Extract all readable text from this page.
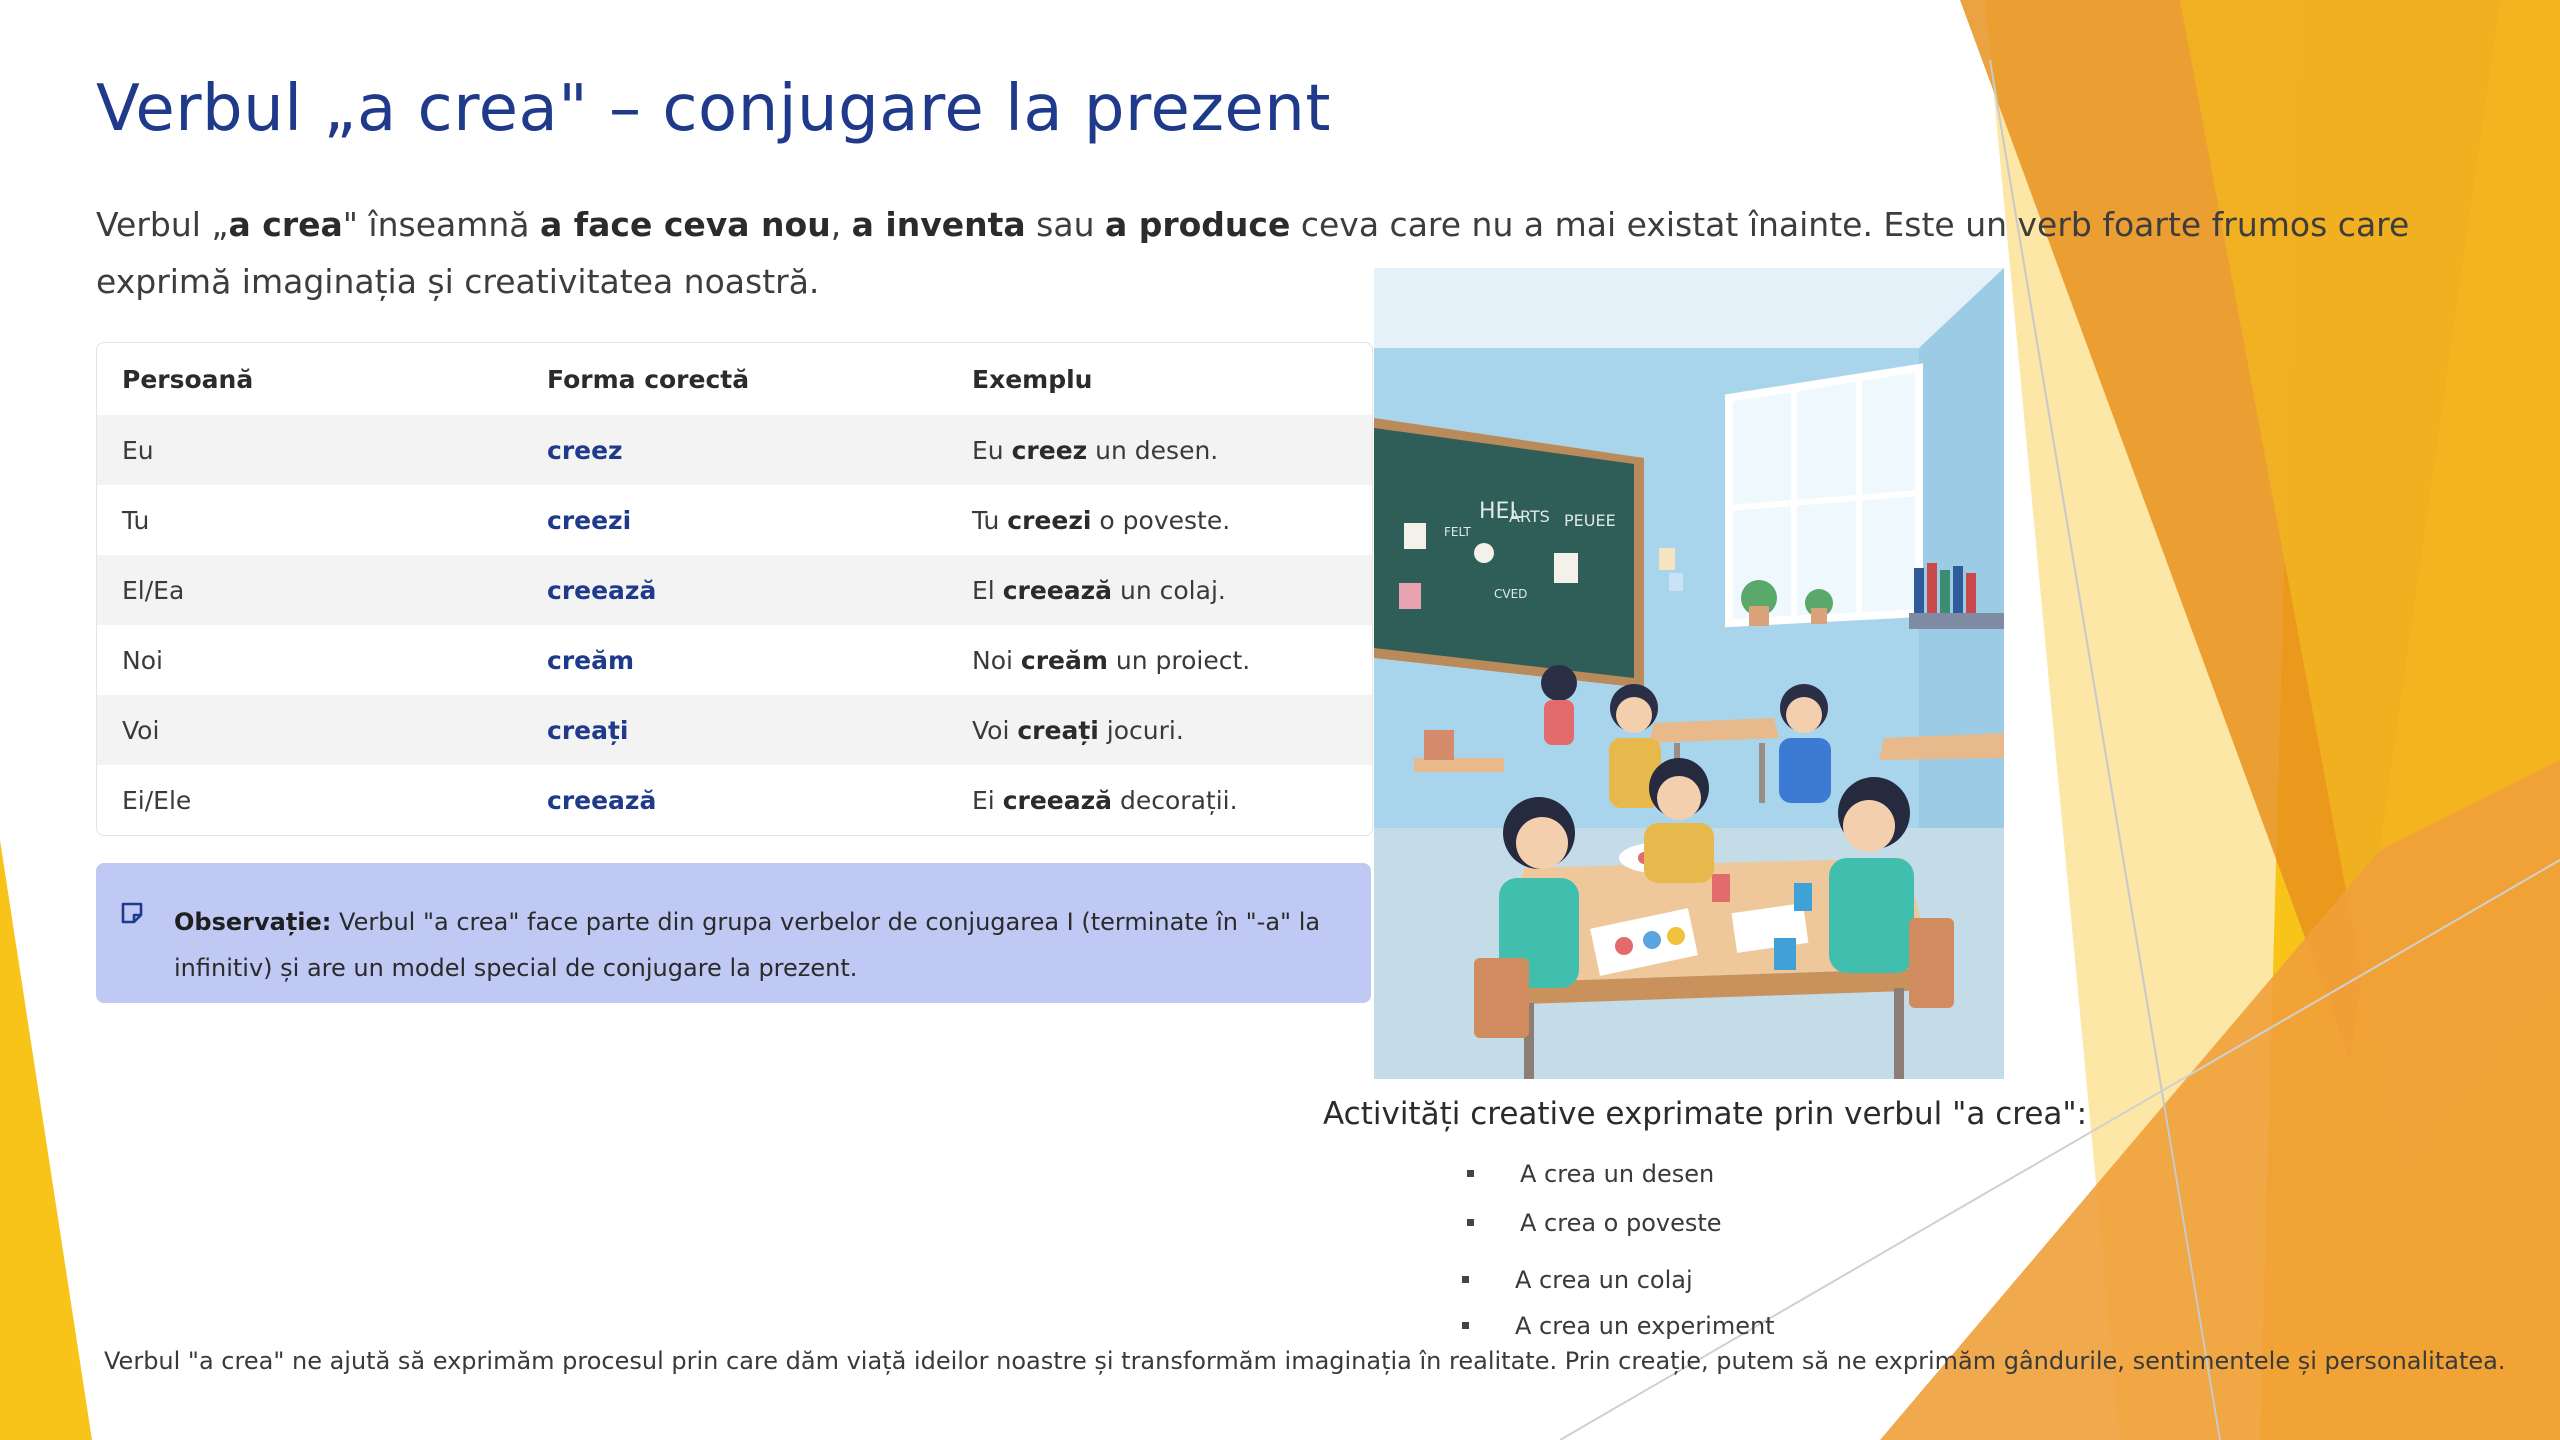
Verbul „a crea" – conjugare la prezent

Verbul „a crea" înseamnă a face ceva nou, a inventa sau a produce ceva care nu a mai existat înainte. Este un verb foarte frumos care exprimă imaginația și creativitatea noastră.

Persoană	Forma corectă	Exemplu
Eu	creez	Eu creez un desen.
Tu	creezi	Tu creezi o poveste.
El/Ea	creează	El creează un colaj.
Noi	creăm	Noi creăm un proiect.
Voi	creați	Voi creați jocuri.
Ei/Ele	creează	Ei creează decorații.
Observație: Verbul "a crea" face parte din grupa verbelor de conjugarea I (terminate în "-a" la infinitiv) și are un model special de conjugare la prezent.
HEL
ARTS PEUEE
FELT
CVED
Activități creative exprimate prin verbul "a crea":
A crea un desen
A crea o poveste
A crea un colaj
A crea un experiment

Verbul "a crea" ne ajută să exprimăm procesul prin care dăm viață ideilor noastre și transformăm imaginația în realitate. Prin creație, putem să ne exprimăm gândurile, sentimentele și personalitatea.
